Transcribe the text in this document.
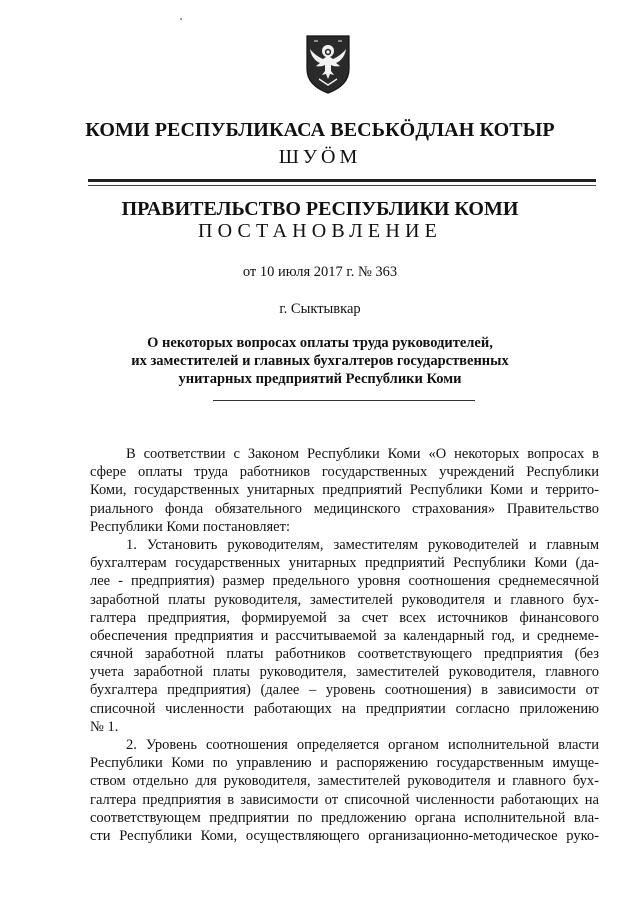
КОМИ РЕСПУБЛИКАСА ВЕСЬКÖДЛАН КОТЫР
ШУÖМ
ПРАВИТЕЛЬСТВО РЕСПУБЛИКИ КОМИ
ПОСТАНОВЛЕНИЕ
от 10 июля 2017 г. № 363
г. Сыктывкар
О некоторых вопросах оплаты труда руководителей,
их заместителей и главных бухгалтеров государственных
унитарных предприятий Республики Коми
В соответствии с Законом Республики Коми «О некоторых вопросах в
сфере оплаты труда работников государственных учреждений Республики
Коми, государственных унитарных предприятий Республики Коми и террито-
риального фонда обязательного медицинского страхования» Правительство
Республики Коми постановляет:
1. Установить руководителям, заместителям руководителей и главным
бухгалтерам государственных унитарных предприятий Республики Коми (да-
лее - предприятия) размер предельного уровня соотношения среднемесячной
заработной платы руководителя, заместителей руководителя и главного бух-
галтера предприятия, формируемой за счет всех источников финансового
обеспечения предприятия и рассчитываемой за календарный год, и среднеме-
сячной заработной платы работников соответствующего предприятия (без
учета заработной платы руководителя, заместителей руководителя, главного
бухгалтера предприятия) (далее – уровень соотношения) в зависимости от
списочной численности работающих на предприятии согласно приложению
№ 1.
2. Уровень соотношения определяется органом исполнительной власти
Республики Коми по управлению и распоряжению государственным имуще-
ством отдельно для руководителя, заместителей руководителя и главного бух-
галтера предприятия в зависимости от списочной численности работающих на
соответствующем предприятии по предложению органа исполнительной вла-
сти Республики Коми, осуществляющего организационно-методическое руко-
